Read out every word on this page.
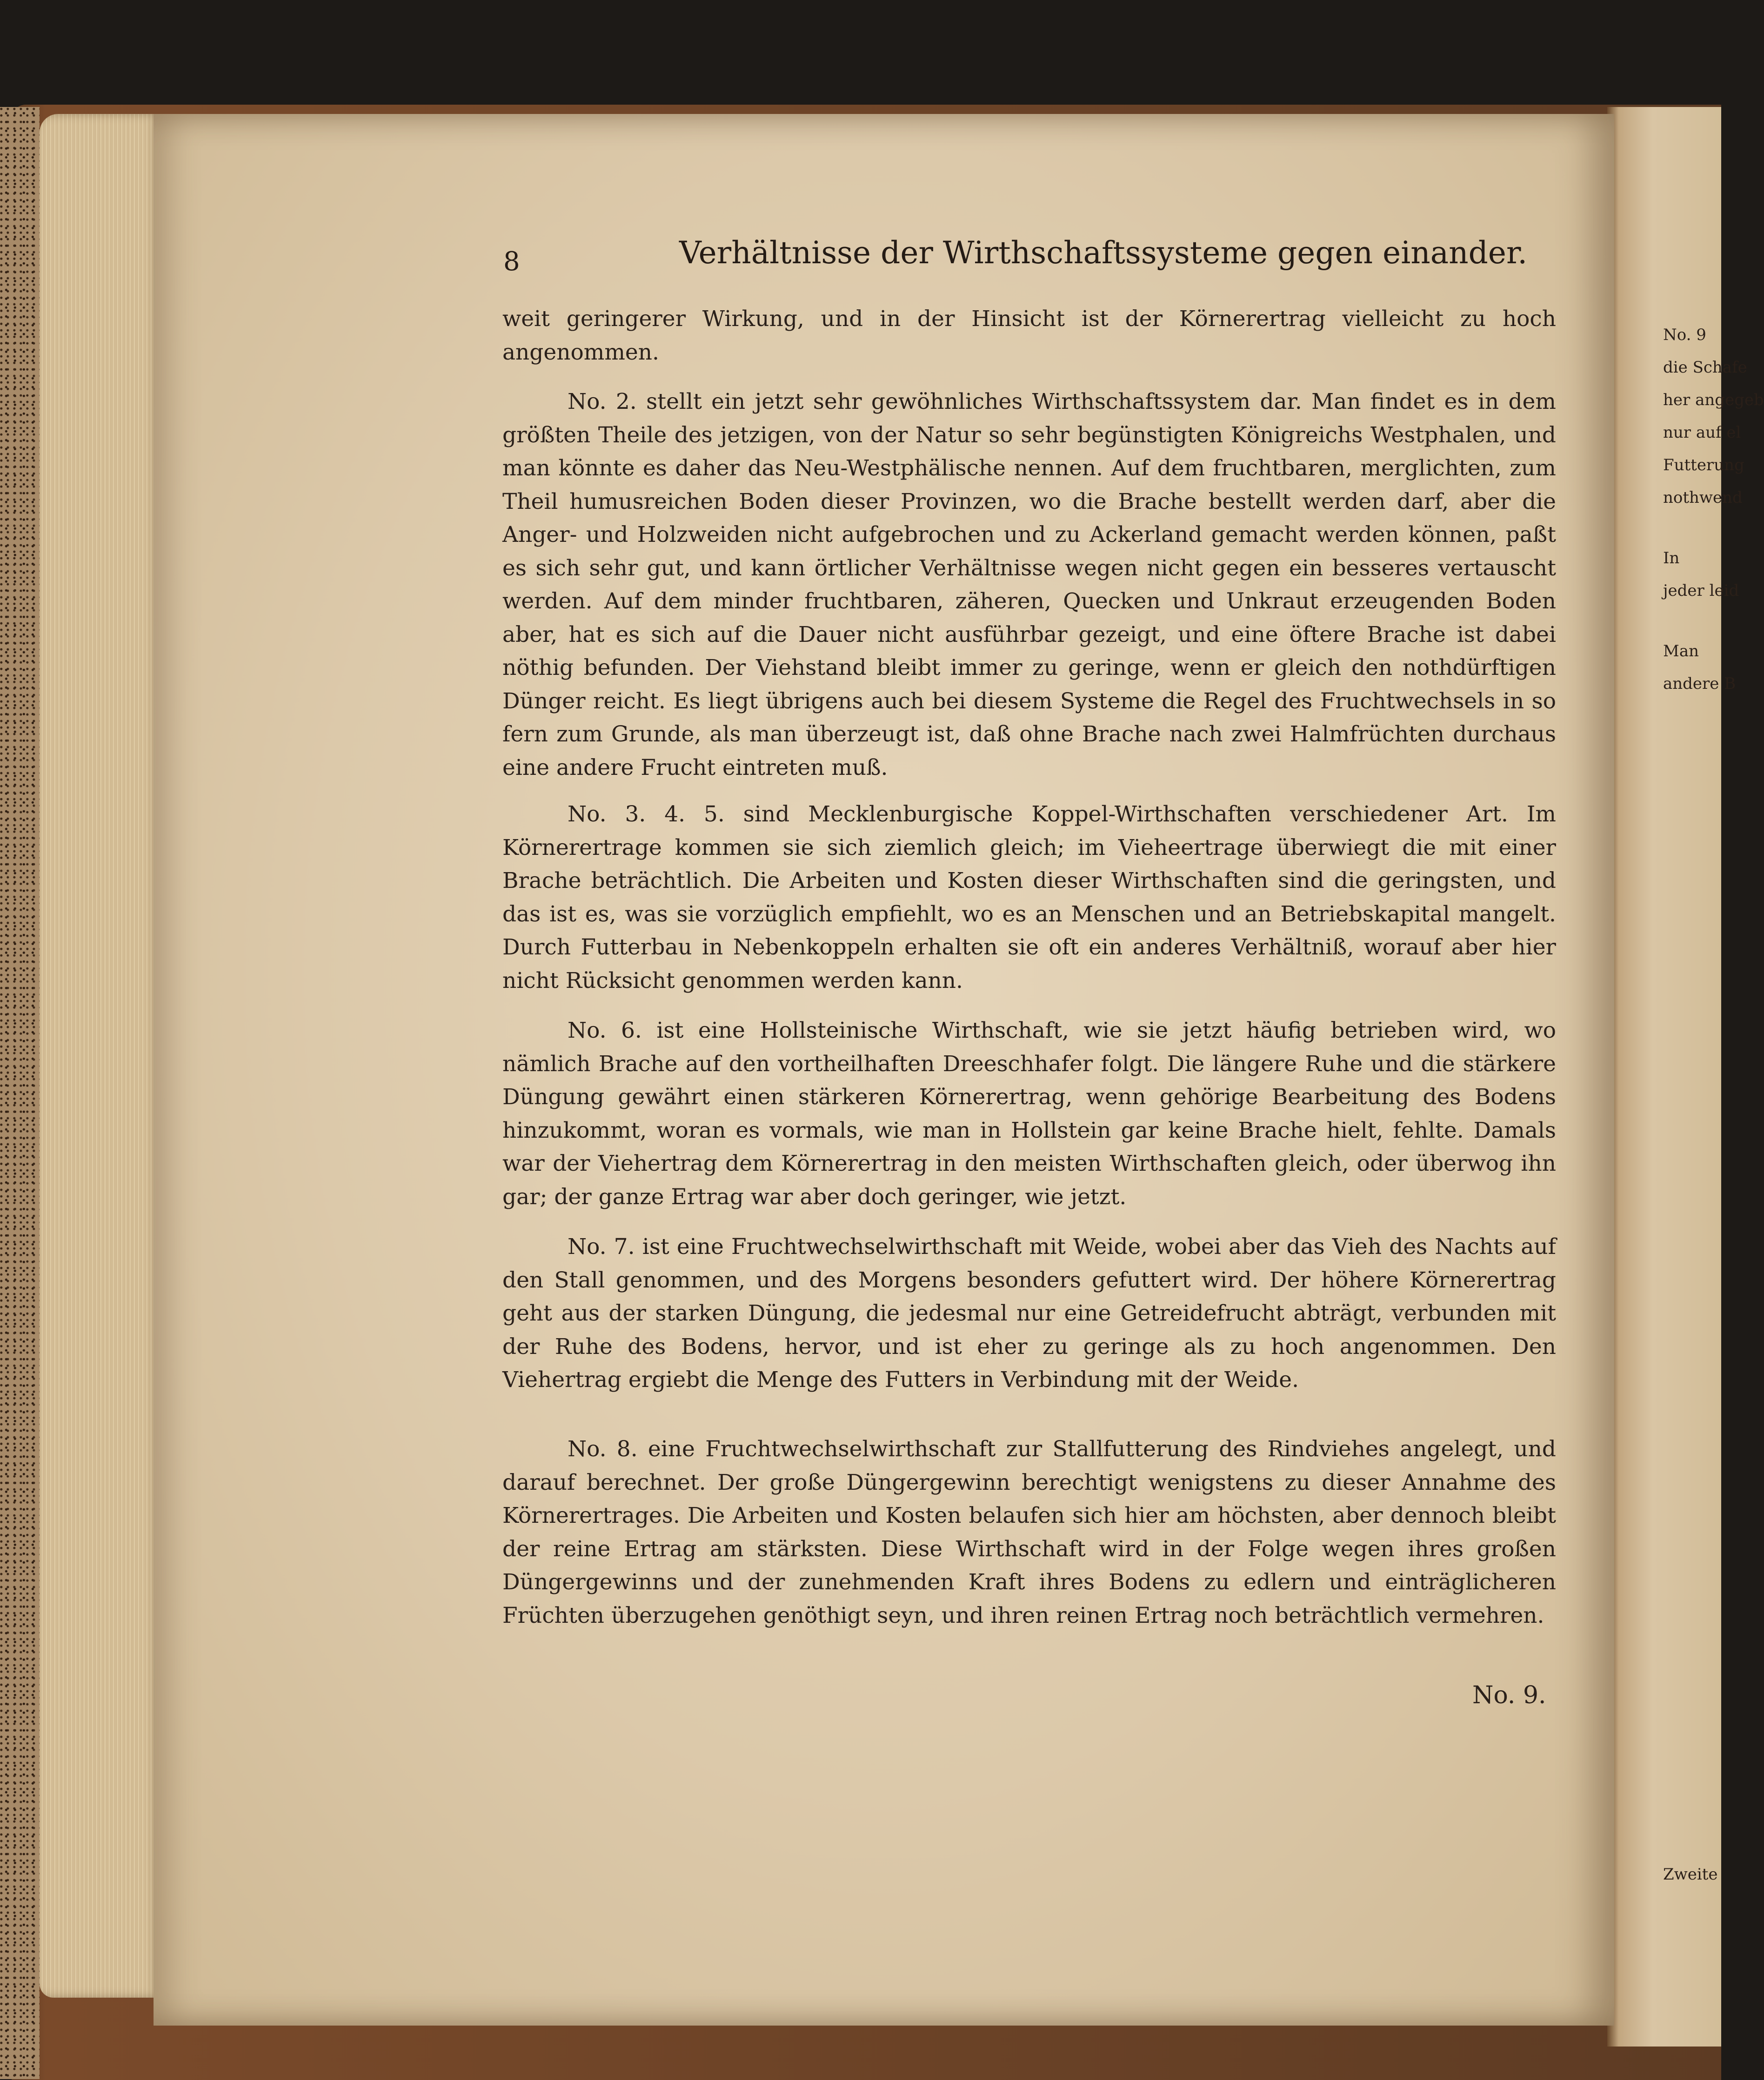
No. 9
die Schafe
her angegeb
nur auf el
Futterung
nothwend
In
jeder leid
Man
andere B
Zweite
8	Verhältnisse der Wirthschaftssysteme gegen einander.
weit geringerer Wirkung, und in der Hinsicht ist der Körnerertrag vielleicht zu hoch angenommen.
No. 2. stellt ein jetzt sehr gewöhnliches Wirthschaftssystem dar. Man findet es in dem größten Theile des jetzigen, von der Natur so sehr begünstigten Königreichs Westphalen, und man könnte es daher das Neu-Westphälische nennen. Auf dem fruchtbaren, merglichten, zum Theil humusreichen Boden dieser Provinzen, wo die Brache bestellt werden darf, aber die Anger- und Holzweiden nicht aufgebrochen und zu Ackerland gemacht werden können, paßt es sich sehr gut, und kann örtlicher Verhältnisse wegen nicht gegen ein besseres vertauscht werden. Auf dem minder fruchtbaren, zäheren, Quecken und Unkraut erzeugenden Boden aber, hat es sich auf die Dauer nicht ausführbar gezeigt, und eine öftere Brache ist dabei nöthig befunden. Der Viehstand bleibt immer zu geringe, wenn er gleich den nothdürftigen Dünger reicht. Es liegt übrigens auch bei diesem Systeme die Regel des Fruchtwechsels in so fern zum Grunde, als man überzeugt ist, daß ohne Brache nach zwei Halmfrüchten durchaus eine andere Frucht eintreten muß.
No. 3. 4. 5. sind Mecklenburgische Koppel-Wirthschaften verschiedener Art. Im Körnerertrage kommen sie sich ziemlich gleich; im Vieheertrage überwiegt die mit einer Brache beträchtlich. Die Arbeiten und Kosten dieser Wirthschaften sind die geringsten, und das ist es, was sie vorzüglich empfiehlt, wo es an Menschen und an Betriebskapital mangelt. Durch Futterbau in Nebenkoppeln erhalten sie oft ein anderes Verhältniß, worauf aber hier nicht Rücksicht genommen werden kann.
No. 6. ist eine Hollsteinische Wirthschaft, wie sie jetzt häufig betrieben wird, wo nämlich Brache auf den vortheilhaften Dreeschhafer folgt. Die längere Ruhe und die stärkere Düngung gewährt einen stärkeren Körnerertrag, wenn gehörige Bearbeitung des Bodens hinzukommt, woran es vormals, wie man in Hollstein gar keine Brache hielt, fehlte. Damals war der Viehertrag dem Körnerertrag in den meisten Wirthschaften gleich, oder überwog ihn gar; der ganze Ertrag war aber doch geringer, wie jetzt.
No. 7. ist eine Fruchtwechselwirthschaft mit Weide, wobei aber das Vieh des Nachts auf den Stall genommen, und des Morgens besonders gefuttert wird. Der höhere Körnerertrag geht aus der starken Düngung, die jedesmal nur eine Getreidefrucht abträgt, verbunden mit der Ruhe des Bodens, hervor, und ist eher zu geringe als zu hoch angenommen. Den Viehertrag ergiebt die Menge des Futters in Verbindung mit der Weide.
No. 8. eine Fruchtwechselwirthschaft zur Stallfutterung des Rindviehes angelegt, und darauf berechnet. Der große Düngergewinn berechtigt wenigstens zu dieser Annahme des Körnerertrages. Die Arbeiten und Kosten belaufen sich hier am höchsten, aber dennoch bleibt der reine Ertrag am stärksten. Diese Wirthschaft wird in der Folge wegen ihres großen Düngergewinns und der zunehmenden Kraft ihres Bodens zu edlern und einträglicheren Früchten überzugehen genöthigt seyn, und ihren reinen Ertrag noch beträchtlich vermehren.
No. 9.
